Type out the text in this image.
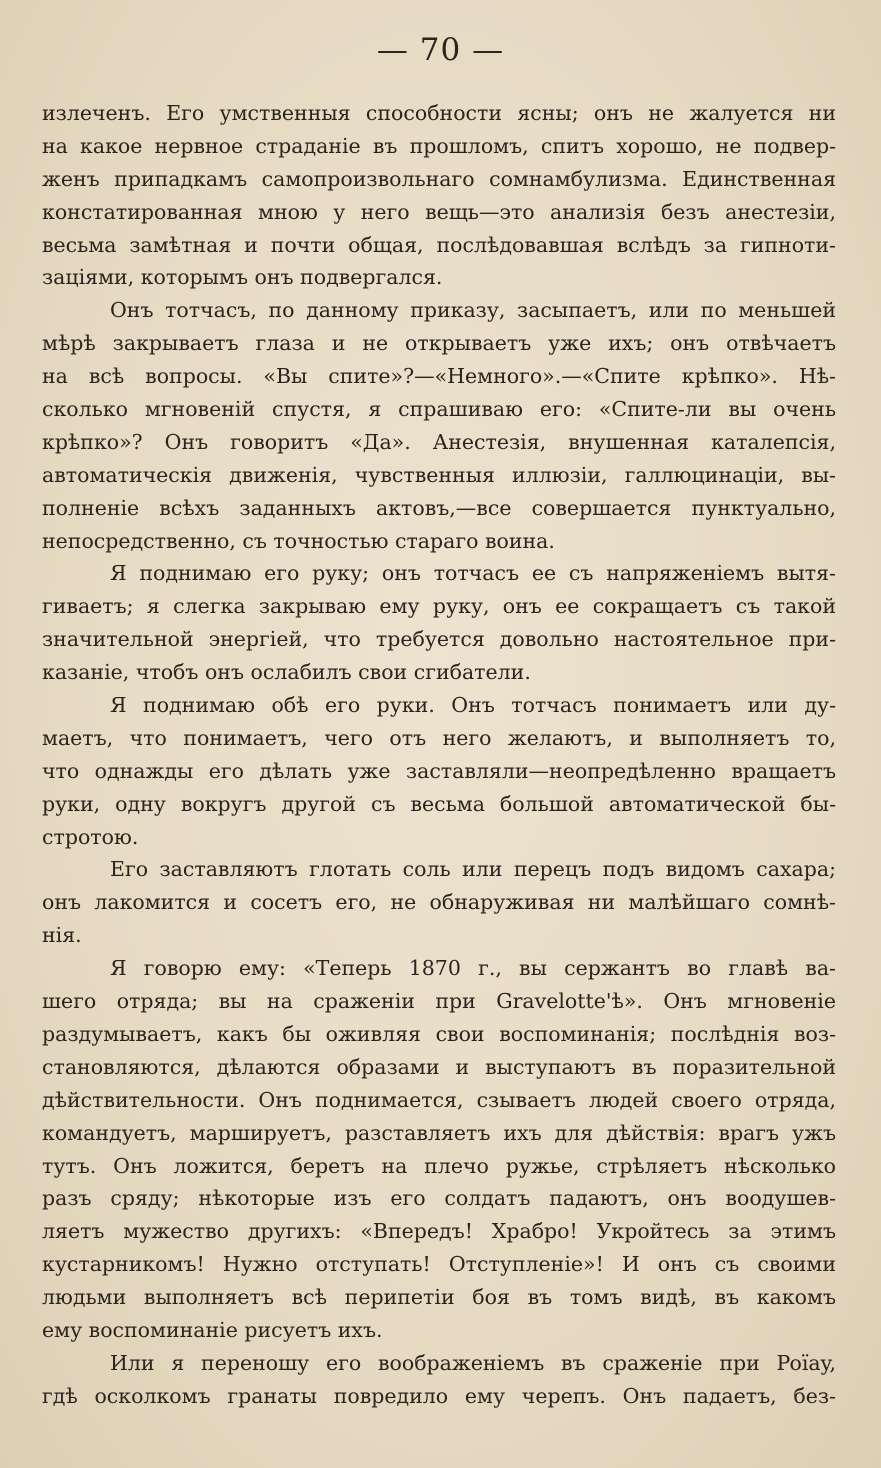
— 70 —
излеченъ. Его умственныя способности ясны; онъ не жалуется ни
на какое нервное страданіе въ прошломъ, спитъ хорошо, не подвер-
женъ припадкамъ самопроизвольнаго сомнамбулизма. Единственная
констатированная мною у него вещь—это анализія безъ анестезіи,
весьма замѣтная и почти общая, послѣдовавшая вслѣдъ за гипноти-
заціями, которымъ онъ подвергался.
Онъ тотчасъ, по данному приказу, засыпаетъ, или по меньшей
мѣрѣ закрываетъ глаза и не открываетъ уже ихъ; онъ отвѣчаетъ
на всѣ вопросы. «Вы спите»?—«Немного».—«Спите крѣпко». Нѣ-
сколько мгновеній спустя, я спрашиваю его: «Спите-ли вы очень
крѣпко»? Онъ говоритъ «Да». Анестезія, внушенная каталепсія,
автоматическія движенія, чувственныя иллюзіи, галлюцинаціи, вы-
полненіе всѣхъ заданныхъ актовъ,—все совершается пунктуально,
непосредственно, съ точностью стараго воина.
Я поднимаю его руку; онъ тотчасъ ее съ напряженіемъ вытя-
гиваетъ; я слегка закрываю ему руку, онъ ее сокращаетъ съ такой
значительной энергіей, что требуется довольно настоятельное при-
казаніе, чтобъ онъ ослабилъ свои сгибатели.
Я поднимаю обѣ его руки. Онъ тотчасъ понимаетъ или ду-
маетъ, что понимаетъ, чего отъ него желаютъ, и выполняетъ то,
что однажды его дѣлать уже заставляли—неопредѣленно вращаетъ
руки, одну вокругъ другой съ весьма большой автоматической бы-
стротою.
Его заставляютъ глотать соль или перецъ подъ видомъ сахара;
онъ лакомится и сосетъ его, не обнаруживая ни малѣйшаго сомнѣ-
нія.
Я говорю ему: «Теперь 1870 г., вы сержантъ во главѣ ва-
шего отряда; вы на сраженіи при Gravelotte'ѣ». Онъ мгновеніе
раздумываетъ, какъ бы оживляя свои воспоминанія; послѣднія воз-
становляются, дѣлаются образами и выступаютъ въ поразительной
дѣйствительности. Онъ поднимается, сзываетъ людей своего отряда,
командуетъ, маршируетъ, разставляетъ ихъ для дѣйствія: врагъ ужъ
тутъ. Онъ ложится, беретъ на плечо ружье, стрѣляетъ нѣсколько
разъ сряду; нѣкоторые изъ его солдатъ падаютъ, онъ воодушев-
ляетъ мужество другихъ: «Впередъ! Храбро! Укройтесь за этимъ
кустарникомъ! Нужно отступать! Отступленіе»! И онъ съ своими
людьми выполняетъ всѣ перипетіи боя въ томъ видѣ, въ какомъ
ему воспоминаніе рисуетъ ихъ.
Или я переношу его воображеніемъ въ сраженіе при Poïay,
гдѣ осколкомъ гранаты повредило ему черепъ. Онъ падаетъ, без-
